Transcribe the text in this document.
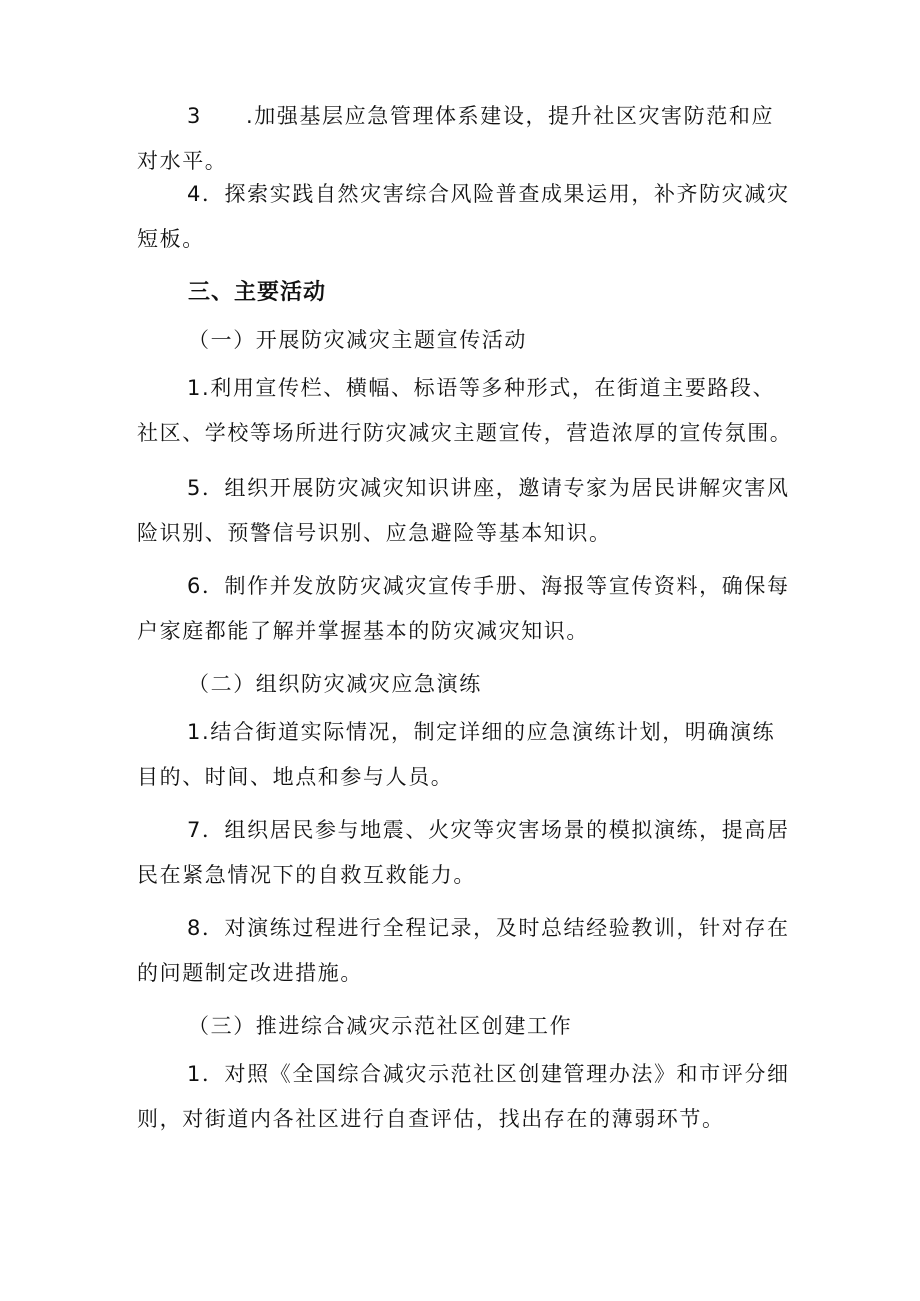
3 .加强基层应急管理体系建设，提升社区灾害防范和应
对水平。

4．探索实践自然灾害综合风险普查成果运用，补齐防灾减灾
短板。

三、主要活动

（一）开展防灾减灾主题宣传活动

1.利用宣传栏、横幅、标语等多种形式，在街道主要路段、
社区、学校等场所进行防灾减灾主题宣传，营造浓厚的宣传氛围。

5．组织开展防灾减灾知识讲座，邀请专家为居民讲解灾害风
险识别、预警信号识别、应急避险等基本知识。

6．制作并发放防灾减灾宣传手册、海报等宣传资料，确保每
户家庭都能了解并掌握基本的防灾减灾知识。

（二）组织防灾减灾应急演练

1.结合街道实际情况，制定详细的应急演练计划，明确演练
目的、时间、地点和参与人员。

7．组织居民参与地震、火灾等灾害场景的模拟演练，提高居
民在紧急情况下的自救互救能力。

8．对演练过程进行全程记录，及时总结经验教训，针对存在
的问题制定改进措施。

（三）推进综合减灾示范社区创建工作

1．对照《全国综合减灾示范社区创建管理办法》和市评分细
则，对街道内各社区进行自查评估，找出存在的薄弱环节。
